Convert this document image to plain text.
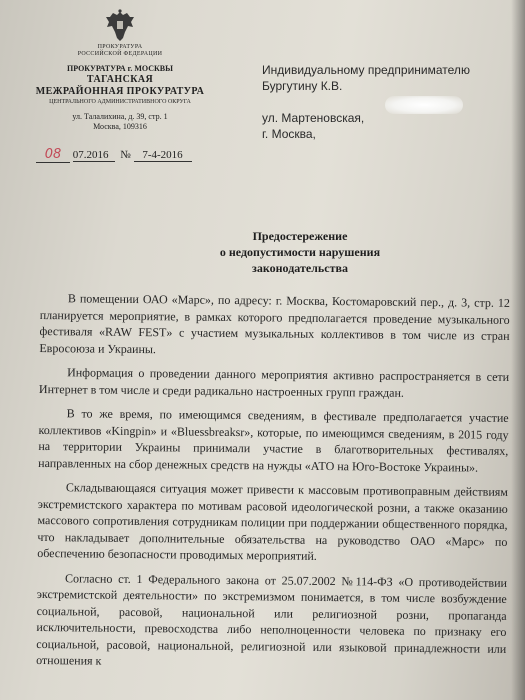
ПРОКУРАТУРА
РОССИЙСКОЙ ФЕДЕРАЦИИ
ПРОКУРАТУРА г. МОСКВЫ
ТАГАНСКАЯ
МЕЖРАЙОННАЯ ПРОКУРАТУРА
ЦЕНТРАЛЬНОГО АДМИНИСТРАТИВНОГО ОКРУГА
ул. Талалихина, д. 39, стр. 1
Москва, 109316
08 07.2016 № 7-4-2016
Индивидуальному предпринимателю
Бургутину К.В.
ул. Мартеновская,
г. Москва,
Предостережение
о недопустимости нарушения законодательства

В помещении ОАО «Марс», по адресу: г. Москва, Костомаровский пер., д. 3, стр. 12 планируется мероприятие, в рамках которого предполагается проведение музыкального фестиваля «RAW FEST» с участием музыкальных коллективов в том числе из стран Евросоюза и Украины.

Информация о проведении данного мероприятия активно распространяется в сети Интернет в том числе и среди радикально настроенных групп граждан.

В то же время, по имеющимся сведениям, в фестивале предполагается участие коллективов «Kingpin» и «Bluessbreaksr», которые, по имеющимся сведениям, в 2015 году на территории Украины принимали участие в благотворительных фестивалях, направленных на сбор денежных средств на нужды «АТО на Юго-Востоке Украины».

Складывающаяся ситуация может привести к массовым противоправным действиям экстремистского характера по мотивам расовой идеологической розни, а также оказанию массового сопротивления сотрудникам полиции при поддержании общественного порядка, что накладывает дополнительные обязательства на руководство ОАО «Марс» по обеспечению безопасности проводимых мероприятий.

Согласно ст. 1 Федерального закона от 25.07.2002 №114-ФЗ «О противодействии экстремистской деятельности» по экстремизмом понимается, в том числе возбуждение социальной, расовой, национальной или религиозной розни, пропаганда исключительности, превосходства либо неполноценности человека по признаку его социальной, расовой, национальной, религиозной или языковой принадлежности или отношения к
